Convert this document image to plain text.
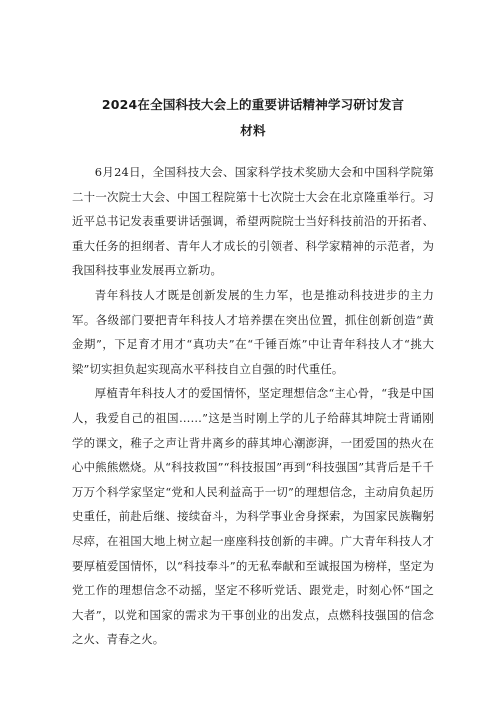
2024在全国科技大会上的重要讲话精神学习研讨发言
材料

6月24日，全国科技大会、国家科学技术奖励大会和中国科学院第二十一次院士大会、中国工程院第十七次院士大会在北京隆重举行。习近平总书记发表重要讲话强调，希望两院院士当好科技前沿的开拓者、重大任务的担纲者、青年人才成长的引领者、科学家精神的示范者，为我国科技事业发展再立新功。

青年科技人才既是创新发展的生力军，也是推动科技进步的主力军。各级部门要把青年科技人才培养摆在突出位置，抓住创新创造“黄金期”，下足育才用才“真功夫”在“千锤百炼”中让青年科技人才“挑大梁”切实担负起实现高水平科技自立自强的时代重任。

厚植青年科技人才的爱国情怀，坚定理想信念“主心骨，“我是中国人，我爱自己的祖国……”这是当时刚上学的儿子给薛其坤院士背诵刚学的课文，稚子之声让背井离乡的薛其坤心潮澎湃，一团爱国的热火在心中熊熊燃烧。从“科技救国”“科技报国”再到“科技强国”其背后是千千万万个科学家坚定“党和人民利益高于一切”的理想信念，主动肩负起历史重任，前赴后继、接续奋斗，为科学事业舍身探索，为国家民族鞠躬尽瘁，在祖国大地上树立起一座座科技创新的丰碑。广大青年科技人才要厚植爱国情怀，以“科技奉斗”的无私奉献和至诚报国为榜样，坚定为党工作的理想信念不动摇，坚定不移听党话、跟党走，时刻心怀“国之大者”，以党和国家的需求为干事创业的出发点，点燃科技强国的信念之火、青春之火。
